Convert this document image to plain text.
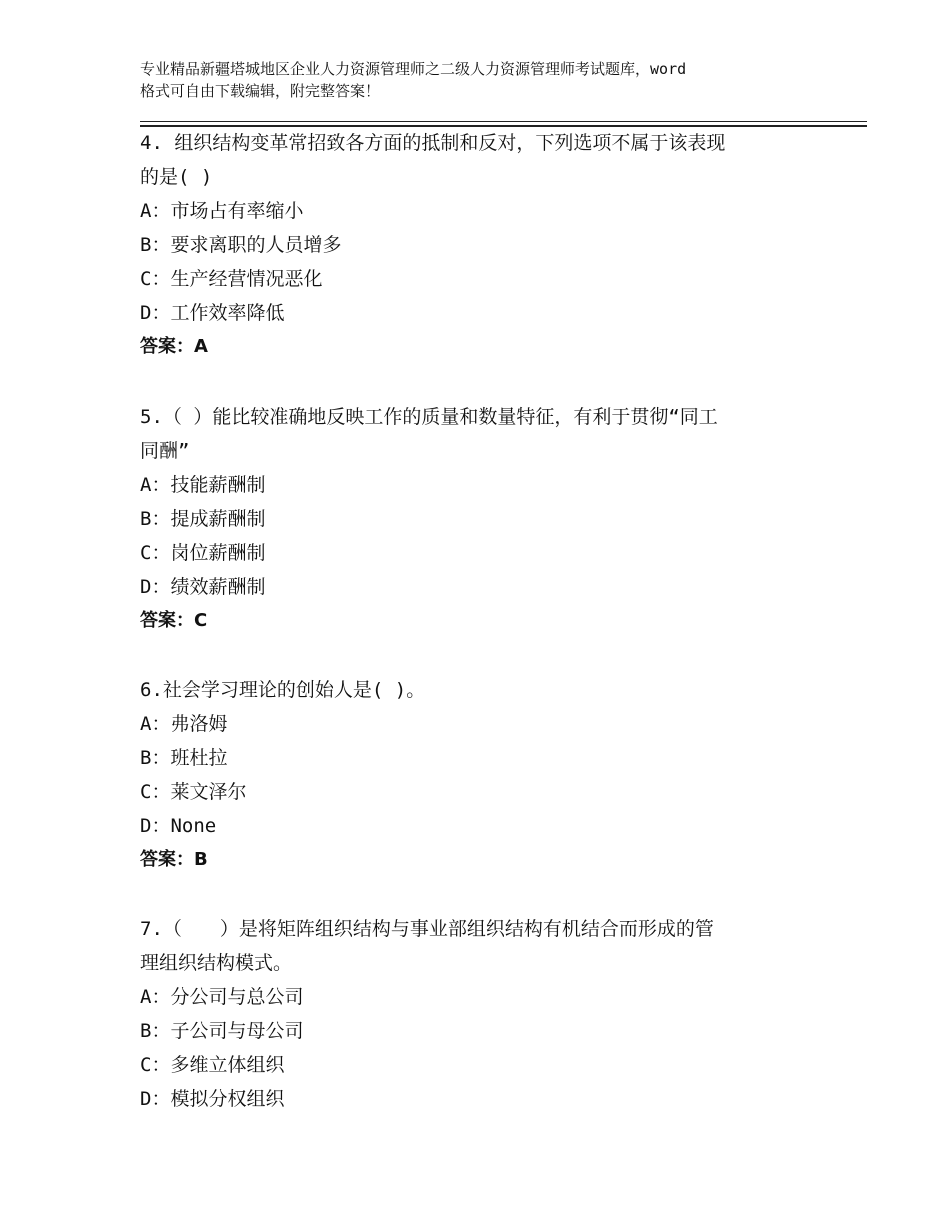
专业精品新疆塔城地区企业人力资源管理师之二级人力资源管理师考试题库，word
格式可自由下载编辑，附完整答案！
4. 组织结构变革常招致各方面的抵制和反对，下列选项不属于该表现
的是( )
A：市场占有率缩小
B：要求离职的人员增多
C：生产经营情况恶化
D：工作效率降低
答案：A
5.（ ）能比较准确地反映工作的质量和数量特征，有利于贯彻“同工
同酬”
A：技能薪酬制
B：提成薪酬制
C：岗位薪酬制
D：绩效薪酬制
答案：C
6.社会学习理论的创始人是( )。
A：弗洛姆
B：班杜拉
C：莱文泽尔
D：None
答案：B
7.（　　）是将矩阵组织结构与事业部组织结构有机结合而形成的管
理组织结构模式。
A：分公司与总公司
B：子公司与母公司
C：多维立体组织
D：模拟分权组织
